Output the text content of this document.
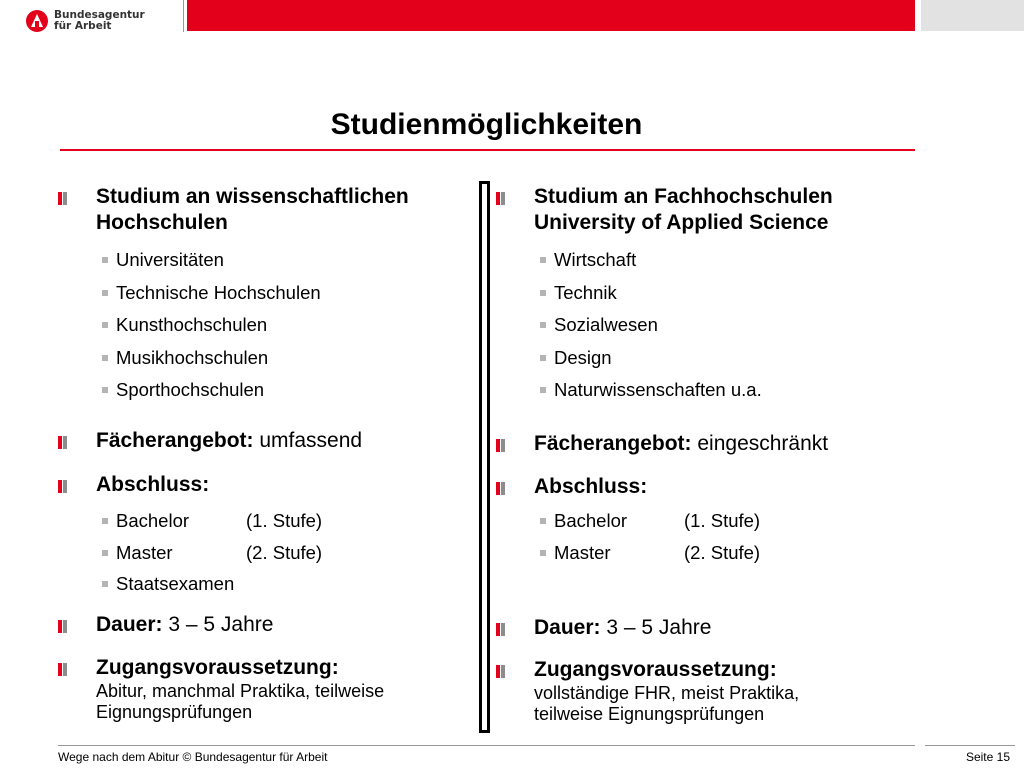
Bundesagentur
für Arbeit
Studienmöglichkeiten
Studium an wissenschaftlichen
Hochschulen
Universitäten
Technische Hochschulen
Kunsthochschulen
Musikhochschulen
Sporthochschulen
Fächerangebot: umfassend
Abschluss:
Bachelor	(1. Stufe)
Master	(2. Stufe)
Staatsexamen
Dauer: 3 – 5 Jahre
Zugangsvoraussetzung:
Abitur, manchmal Praktika, teilweise
Eignungsprüfungen
Studium an Fachhochschulen
University of Applied Science
Wirtschaft
Technik
Sozialwesen
Design
Naturwissenschaften u.a.
Fächerangebot: eingeschränkt
Abschluss:
Bachelor	(1. Stufe)
Master	(2. Stufe)
Dauer: 3 – 5 Jahre
Zugangsvoraussetzung:
vollständige FHR, meist Praktika,
teilweise Eignungsprüfungen
Wege nach dem Abitur © Bundesagentur für Arbeit	Seite 15
